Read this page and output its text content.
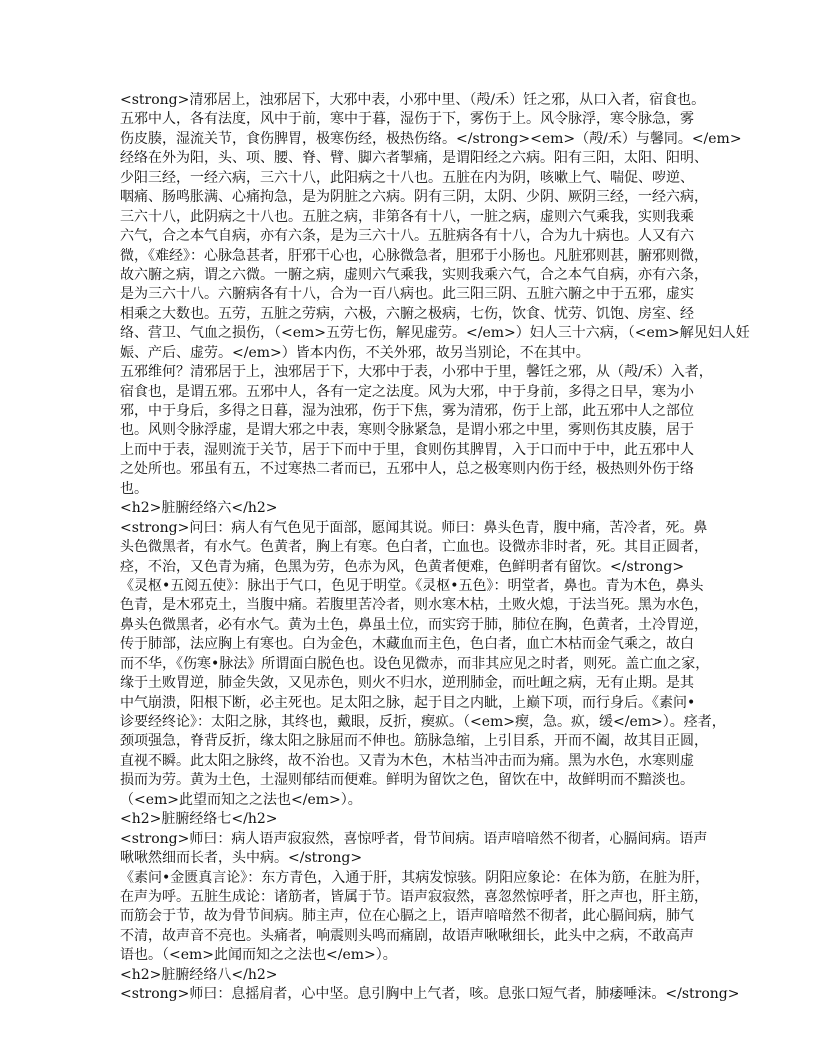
<strong>清邪居上，浊邪居下，大邪中表，小邪中里、（殸/禾）饪之邪，从口入者，宿食也。
五邪中人，各有法度，风中于前，寒中于暮，湿伤于下，雾伤于上。风令脉浮，寒令脉急，雾
伤皮腠，湿流关节，食伤脾胃，极寒伤经，极热伤络。</strong><em>（殸/禾）与馨同。</em>
经络在外为阳，头、项、腰、脊、臂、脚六者掣痛，是谓阳经之六病。阳有三阳，太阳、阳明、
少阳三经，一经六病，三六十八，此阳病之十八也。五脏在内为阴，咳嗽上气、喘促、哕逆、
咽痛、肠鸣胀满、心痛拘急，是为阴脏之六病。阴有三阴，太阴、少阴、厥阴三经，一经六病，
三六十八，此阴病之十八也。五脏之病，非第各有十八，一脏之病，虚则六气乘我，实则我乘
六气，合之本气自病，亦有六条，是为三六十八。五脏病各有十八，合为九十病也。人又有六
微，《难经》：心脉急甚者，肝邪干心也，心脉微急者，胆邪于小肠也。凡脏邪则甚，腑邪则微，
故六腑之病，谓之六微。一腑之病，虚则六气乘我，实则我乘六气，合之本气自病，亦有六条，
是为三六十八。六腑病各有十八，合为一百八病也。此三阳三阴、五脏六腑之中于五邪，虚实
相乘之大数也。五劳，五脏之劳病，六极，六腑之极病，七伤，饮食、忧劳、饥饱、房室、经
络、营卫、气血之损伤，（<em>五劳七伤，解见虚劳。</em>）妇人三十六病，（<em>解见妇人妊
娠、产后、虚劳。</em>）皆本内伤，不关外邪，故另当别论，不在其中。
五邪维何？清邪居于上，浊邪居于下，大邪中于表，小邪中于里，馨饪之邪，从（殸/禾）入者，
宿食也，是谓五邪。五邪中人，各有一定之法度。风为大邪，中于身前，多得之日早，寒为小
邪，中于身后，多得之日暮，湿为浊邪，伤于下焦，雾为清邪，伤于上部，此五邪中人之部位
也。风则令脉浮虚，是谓大邪之中表，寒则令脉紧急，是谓小邪之中里，雾则伤其皮腠，居于
上而中于表，湿则流于关节，居于下而中于里，食则伤其脾胃，入于口而中于中，此五邪中人
之处所也。邪虽有五，不过寒热二者而已，五邪中人，总之极寒则内伤于经，极热则外伤于络
也。
<h2>脏腑经络六</h2>
<strong>问曰：病人有气色见于面部，愿闻其说。师曰：鼻头色青，腹中痛，苦冷者，死。鼻
头色微黑者，有水气。色黄者，胸上有寒。色白者，亡血也。设微赤非时者，死。其目正圆者，
痉，不治，又色青为痛，色黑为劳，色赤为风，色黄者便难，色鲜明者有留饮。</strong>
《灵枢•五阅五使》：脉出于气口，色见于明堂。《灵枢•五色》：明堂者，鼻也。青为木色，鼻头
色青，是木邪克土，当腹中痛。若腹里苦冷者，则水寒木枯，土败火熄，于法当死。黑为水色，
鼻头色微黑者，必有水气。黄为土色，鼻虽土位，而实窍于肺，肺位在胸，色黄者，土冷胃逆，
传于肺部，法应胸上有寒也。白为金色，木藏血而主色，色白者，血亡木枯而金气乘之，故白
而不华，《伤寒•脉法》所谓面白脱色也。设色见微赤，而非其应见之时者，则死。盖亡血之家，
缘于土败胃逆，肺金失敛，又见赤色，则火不归水，逆刑肺金，而吐衄之病，无有止期。是其
中气崩溃，阳根下断，必主死也。足太阳之脉，起于目之内眦，上巅下项，而行身后。《素问•
诊要经终论》：太阳之脉，其终也，戴眼，反折，瘈疭。（<em>瘈，急。疭，缓</em>）。痉者，
颈项强急，脊背反折，缘太阳之脉屈而不伸也。筋脉急缩，上引目系，开而不阖，故其目正圆，
直视不瞬。此太阳之脉终，故不治也。又青为木色，木枯当冲击而为痛。黑为水色，水寒则虚
损而为劳。黄为土色，土湿则郁结而便难。鲜明为留饮之色，留饮在中，故鲜明而不黯淡也。
（<em>此望而知之之法也</em>）。
<h2>脏腑经络七</h2>
<strong>师曰：病人语声寂寂然，喜惊呼者，骨节间病。语声喑喑然不彻者，心膈间病。语声
啾啾然细而长者，头中病。</strong>
《素问•金匮真言论》：东方青色，入通于肝，其病发惊骇。阴阳应象论：在体为筋，在脏为肝，
在声为呼。五脏生成论：诸筋者，皆属于节。语声寂寂然，喜忽然惊呼者，肝之声也，肝主筋，
而筋会于节，故为骨节间病。肺主声，位在心膈之上，语声喑喑然不彻者，此心膈间病，肺气
不清，故声音不亮也。头痛者，响震则头鸣而痛剧，故语声啾啾细长，此头中之病，不敢高声
语也。（<em>此闻而知之之法也</em>）。
<h2>脏腑经络八</h2>
<strong>师曰：息摇肩者，心中坚。息引胸中上气者，咳。息张口短气者，肺痿唾沫。</strong>
